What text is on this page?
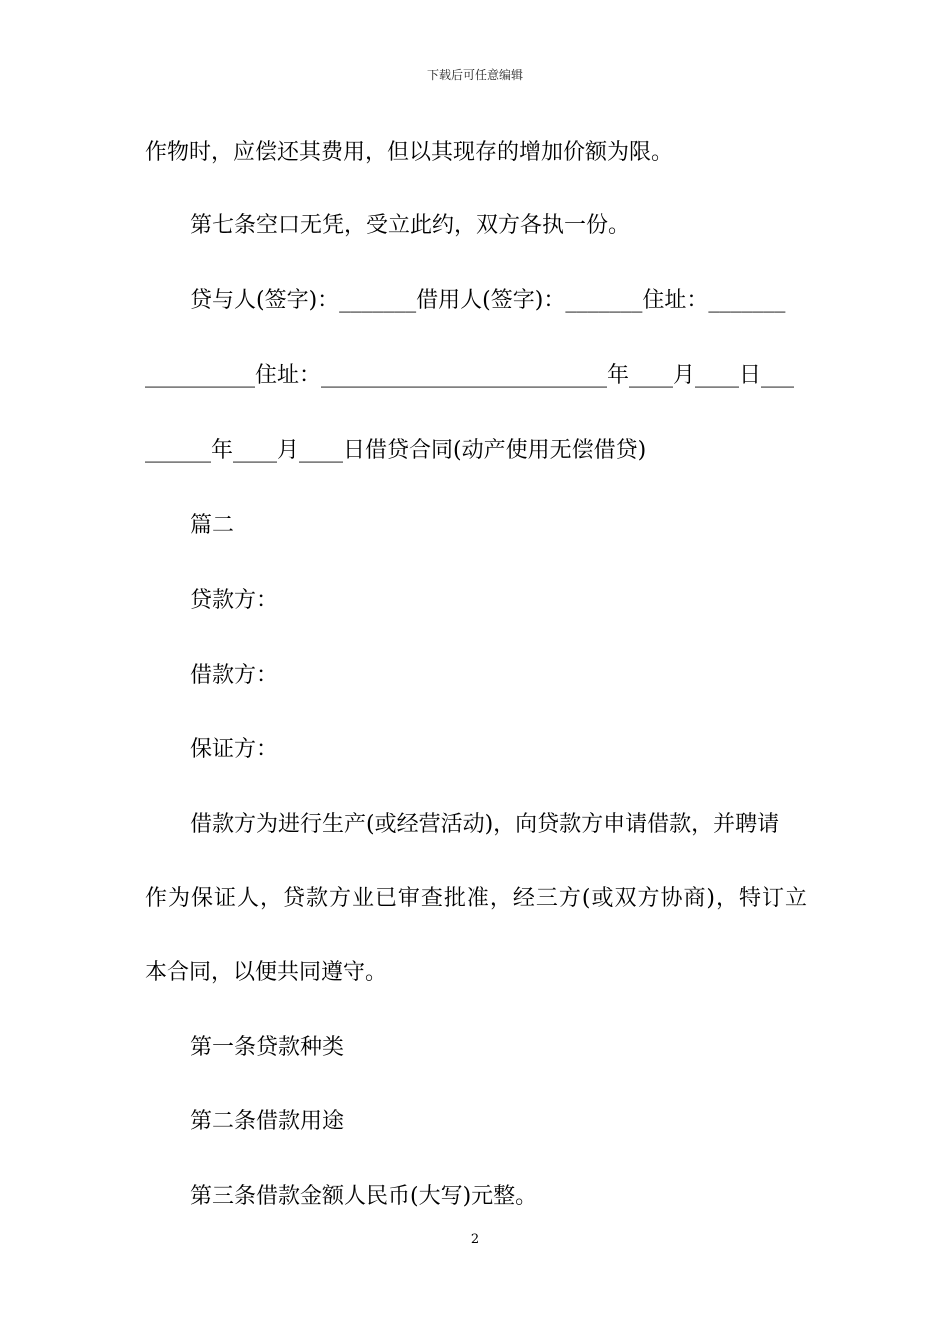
下载后可任意编辑
作物时，应偿还其费用，但以其现存的增加价额为限。
第七条空口无凭，受立此约，双方各执一份。
贷与人(签字)：_______借用人(签字)：_______住址：_______
__________住址：__________________________年____月____日___
______年____月____日借贷合同(动产使用无偿借贷)
篇二
贷款方：
借款方：
保证方：
借款方为进行生产(或经营活动)，向贷款方申请借款，并聘请
作为保证人，贷款方业已审查批准，经三方(或双方协商)，特订立
本合同，以便共同遵守。
第一条贷款种类
第二条借款用途
第三条借款金额人民币(大写)元整。
2
